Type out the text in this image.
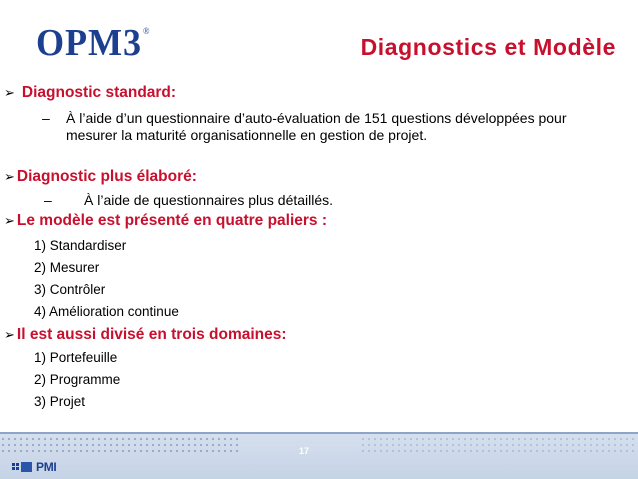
OPM3®
Diagnostics et Modèle
➢ Diagnostic standard:
– À l’aide d’un questionnaire d’auto-évaluation de 151 questions développées pour mesurer la maturité organisationnelle en gestion de projet.
➢ Diagnostic plus élaboré:
– À l’aide de questionnaires plus détaillés.
➢ Le modèle est présenté en quatre paliers :
1) Standardiser
2) Mesurer
3) Contrôler
4) Amélioration continue
➢ Il est aussi divisé en trois domaines:
1) Portefeuille
2) Programme
3) Projet
17
PMI
